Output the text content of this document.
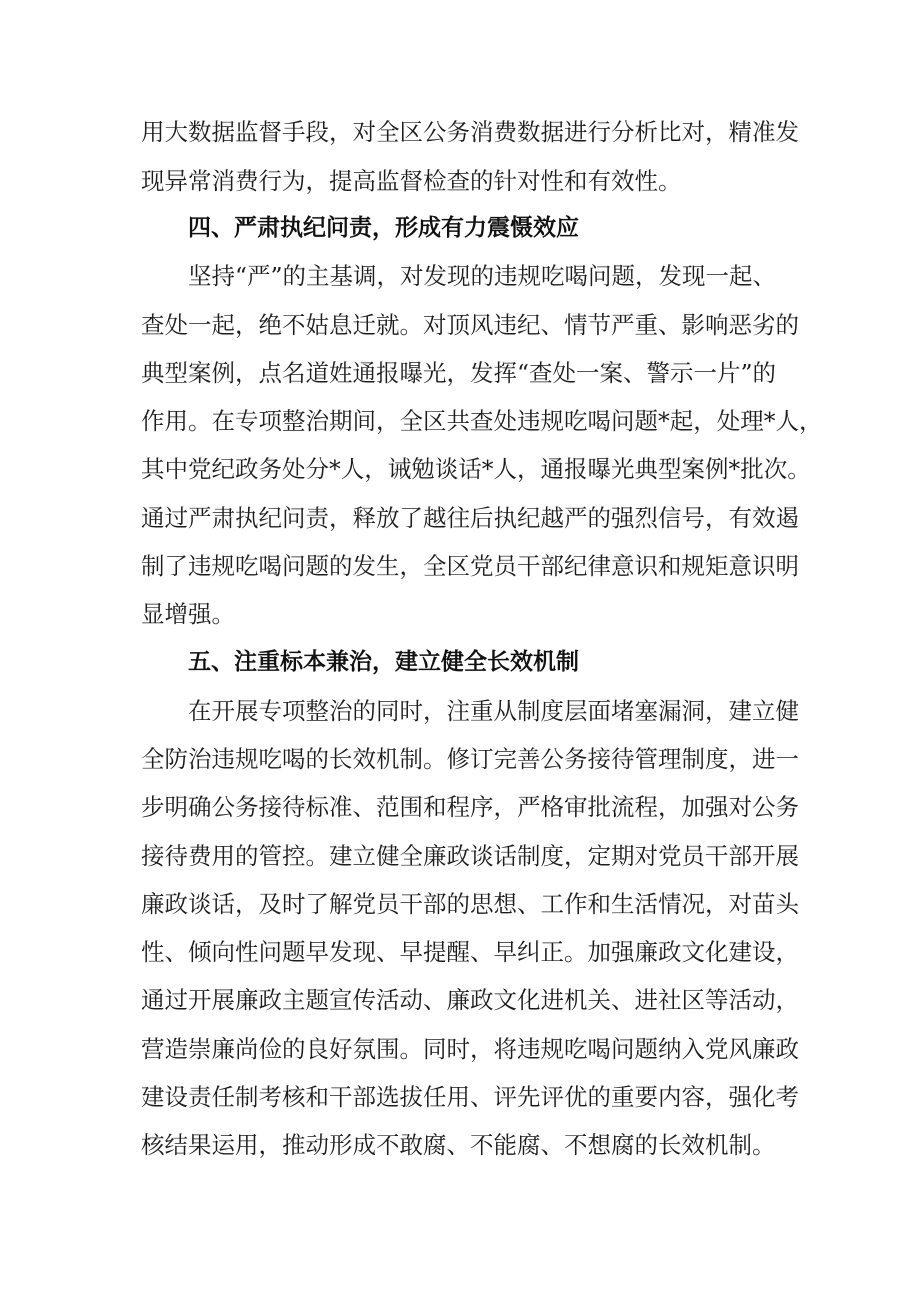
用大数据监督手段，对全区公务消费数据进行分析比对，精准发

现异常消费行为，提高监督检查的针对性和有效性。

四、严肃执纪问责，形成有力震慑效应

坚持“严”的主基调，对发现的违规吃喝问题，发现一起、

查处一起，绝不姑息迁就。对顶风违纪、情节严重、影响恶劣的

典型案例，点名道姓通报曝光，发挥“查处一案、警示一片”的

作用。在专项整治期间，全区共查处违规吃喝问题*起，处理*人，

其中党纪政务处分*人，诫勉谈话*人，通报曝光典型案例*批次。

通过严肃执纪问责，释放了越往后执纪越严的强烈信号，有效遏

制了违规吃喝问题的发生，全区党员干部纪律意识和规矩意识明

显增强。

五、注重标本兼治，建立健全长效机制

在开展专项整治的同时，注重从制度层面堵塞漏洞，建立健

全防治违规吃喝的长效机制。修订完善公务接待管理制度，进一

步明确公务接待标准、范围和程序，严格审批流程，加强对公务

接待费用的管控。建立健全廉政谈话制度，定期对党员干部开展

廉政谈话，及时了解党员干部的思想、工作和生活情况，对苗头

性、倾向性问题早发现、早提醒、早纠正。加强廉政文化建设，

通过开展廉政主题宣传活动、廉政文化进机关、进社区等活动，

营造崇廉尚俭的良好氛围。同时，将违规吃喝问题纳入党风廉政

建设责任制考核和干部选拔任用、评先评优的重要内容，强化考

核结果运用，推动形成不敢腐、不能腐、不想腐的长效机制。
